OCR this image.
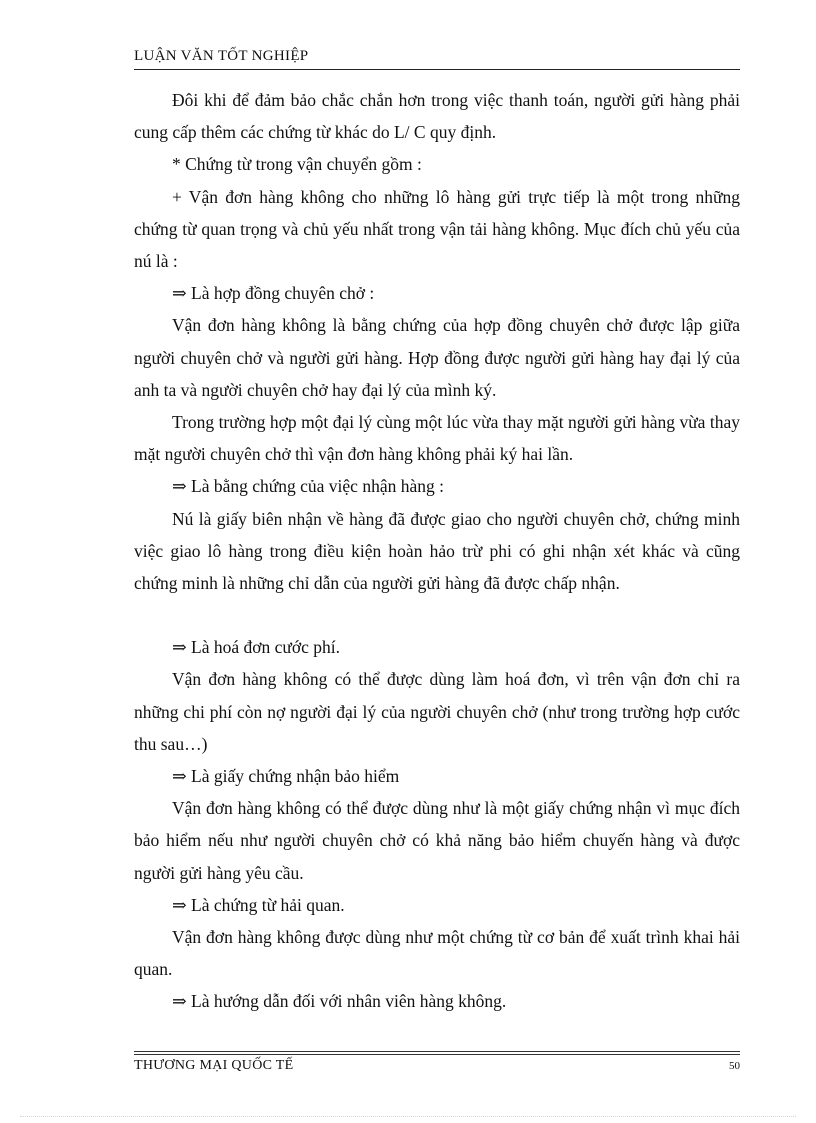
LUẬN VĂN TỐT NGHIỆP

Đôi khi để đảm bảo chắc chắn hơn trong việc thanh toán, người gửi hàng phải cung cấp thêm các chứng từ khác do L/ C quy định.

* Chứng từ trong vận chuyển gồm :

+ Vận đơn hàng không cho những lô hàng gửi trực tiếp là một trong những chứng từ quan trọng và chủ yếu nhất trong vận tải hàng không. Mục đích chủ yếu của nú là :

⇒ Là hợp đồng chuyên chở :

Vận đơn hàng không là bằng chứng của hợp đồng chuyên chở được lập giữa người chuyên chở và người gửi hàng. Hợp đồng được người gửi hàng hay đại lý của anh ta và người chuyên chở hay đại lý của mình ký.

Trong trường hợp một đại lý cùng một lúc vừa thay mặt người gửi hàng vừa thay mặt người chuyên chở thì vận đơn hàng không phải ký hai lần.

⇒ Là bằng chứng của việc nhận hàng :

Nú là giấy biên nhận về hàng đã được giao cho người chuyên chở, chứng minh việc giao lô hàng trong điều kiện hoàn hảo trừ phi có ghi nhận xét khác và cũng chứng minh là những chỉ dẫn của người gửi hàng đã được chấp nhận.

⇒ Là hoá đơn cước phí.

Vận đơn hàng không có thể được dùng làm hoá đơn, vì trên vận đơn chỉ ra những chi phí còn nợ người đại lý của người chuyên chở (như trong trường hợp cước thu sau…)

⇒ Là giấy chứng nhận bảo hiểm

Vận đơn hàng không có thể được dùng như là một giấy chứng nhận vì mục đích bảo hiểm nếu như người chuyên chở có khả năng bảo hiểm chuyến hàng và được người gửi hàng yêu cầu.

⇒ Là chứng từ hải quan.

Vận đơn hàng không được dùng như một chứng từ cơ bản để xuất trình khai hải quan.

⇒ Là hướng dẫn đối với nhân viên hàng không.

THƯƠNG MẠI QUỐC TẾ	50
